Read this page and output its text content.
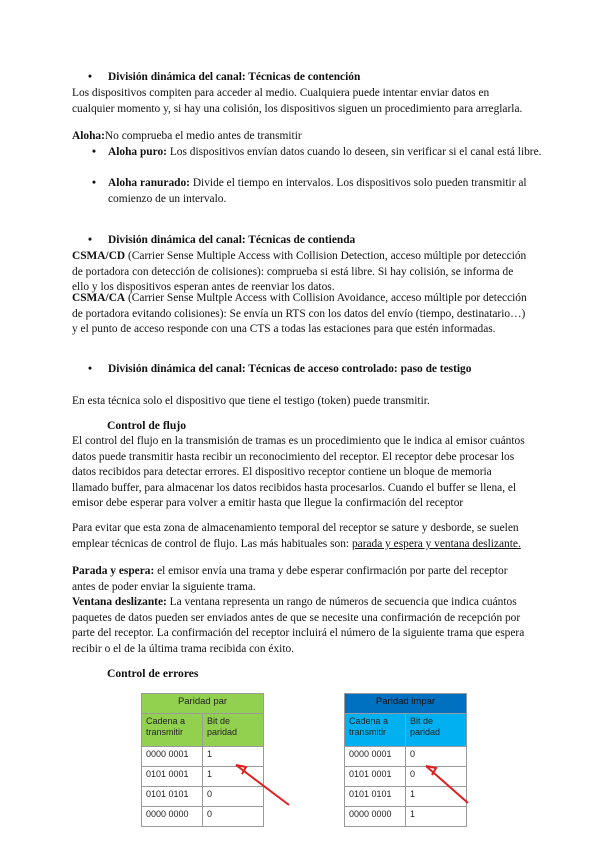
• División dinámica del canal: Técnicas de contención

Los dispositivos compiten para acceder al medio. Cualquiera puede intentar enviar datos en cualquier momento y, si hay una colisión, los dispositivos siguen un procedimiento para arreglarla.

Aloha:No comprueba el medio antes de transmitir

• Aloha puro: Los dispositivos envían datos cuando lo deseen, sin verificar si el canal está libre.
• Aloha ranurado: Divide el tiempo en intervalos. Los dispositivos solo pueden transmitir al comienzo de un intervalo.
• División dinámica del canal: Técnicas de contienda

CSMA/CD (Carrier Sense Multiple Access with Collision Detection, acceso múltiple por detección de portadora con detección de colisiones): comprueba si está libre. Si hay colisión, se informa de ello y los dispositivos esperan antes de reenviar los datos.

CSMA/CA (Carrier Sense Multple Access with Collision Avoidance, acceso múltiple por detección de portadora evitando colisiones): Se envía un RTS con los datos del envío (tiempo, destinatario…) y el punto de acceso responde con una CTS a todas las estaciones para que estén informadas.

• División dinámica del canal: Técnicas de acceso controlado: paso de testigo

En esta técnica solo el dispositivo que tiene el testigo (token) puede transmitir.

Control de flujo

El control del flujo en la transmisión de tramas es un procedimiento que le indica al emisor cuántos datos puede transmitir hasta recibir un reconocimiento del receptor. El receptor debe procesar los datos recibidos para detectar errores. El dispositivo receptor contiene un bloque de memoria llamado buffer, para almacenar los datos recibidos hasta procesarlos. Cuando el buffer se llena, el emisor debe esperar para volver a emitir hasta que llegue la confirmación del receptor

Para evitar que esta zona de almacenamiento temporal del receptor se sature y desborde, se suelen emplear técnicas de control de flujo. Las más habituales son: parada y espera y ventana deslizante.

Parada y espera: el emisor envía una trama y debe esperar confirmación por parte del receptor antes de poder enviar la siguiente trama.

Ventana deslizante: La ventana representa un rango de números de secuencia que indica cuántos paquetes de datos pueden ser enviados antes de que se necesite una confirmación de recepción por parte del receptor. La confirmación del receptor incluirá el número de la siguiente trama que espera recibir o el de la última trama recibida con éxito.

Control de errores
Paridad par	
Cadena a transmitir	Bit de paridad
0000 0001	1
0101 0001	1
0101 0101	0
0000 0000	0
Paridad impar	
Cadena a transmitir	Bit de paridad
0000 0001	0
0101 0001	0
0101 0101	1
0000 0000	1
